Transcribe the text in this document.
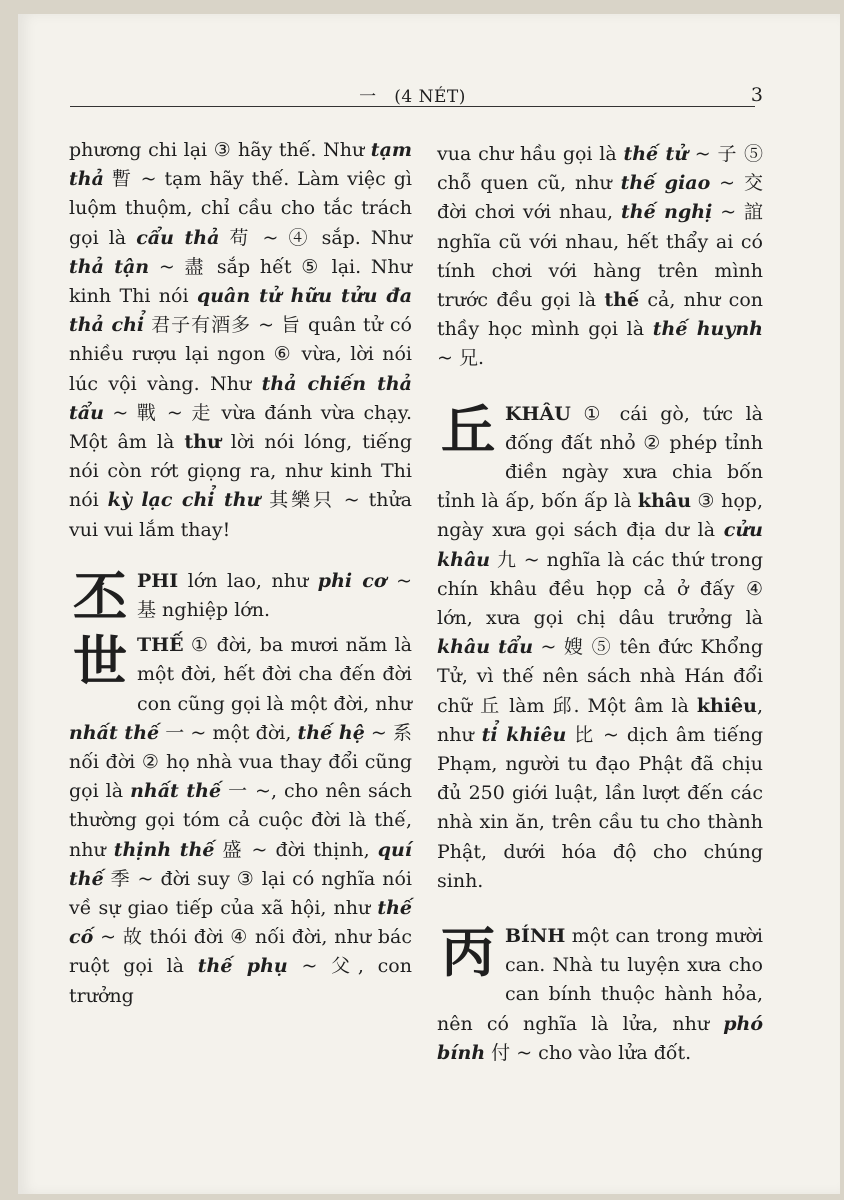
一 (4 NÉT)	3

phương chi lại ③ hãy thế. Như tạm thả 暫 ~ tạm hãy thế. Làm việc gì luộm thuộm, chỉ cầu cho tắc trách gọi là cẩu thả 苟 ~ ④ sắp. Như thả tận ~ 盡 sắp hết ⑤ lại. Như kinh Thi nói quân tử hữu tửu đa thả chỉ 君子有酒多 ~ 旨 quân tử có nhiều rượu lại ngon ⑥ vừa, lời nói lúc vội vàng. Như thả chiến thả tẩu ~ 戰 ~ 走 vừa đánh vừa chạy. Một âm là thư lời nói lóng, tiếng nói còn rớt giọng ra, như kinh Thi nói kỳ lạc chỉ thư 其樂只 ~ thửa vui vui lắm thay!

丕 PHI lớn lao, như phi cơ ~ 基 nghiệp lớn.

世 THẾ ① đời, ba mươi năm là một đời, hết đời cha đến đời con cũng gọi là một đời, như nhất thế 一 ~ một đời, thế hệ ~ 系 nối đời ② họ nhà vua thay đổi cũng gọi là nhất thế 一 ~, cho nên sách thường gọi tóm cả cuộc đời là thế, như thịnh thế 盛 ~ đời thịnh, quí thế 季 ~ đời suy ③ lại có nghĩa nói về sự giao tiếp của xã hội, như thế cố ~ 故 thói đời ④ nối đời, như bác ruột gọi là thế phụ ~ 父, con trưởng

vua chư hầu gọi là thế tử ~ 子 ⑤ chỗ quen cũ, như thế giao ~ 交 đời chơi với nhau, thế nghị ~ 誼 nghĩa cũ với nhau, hết thẩy ai có tính chơi với hàng trên mình trước đều gọi là thế cả, như con thầy học mình gọi là thế huynh ~ 兄.

丘 KHÂU ① cái gò, tức là đống đất nhỏ ② phép tỉnh điền ngày xưa chia bốn tỉnh là ấp, bốn ấp là khâu ③ họp, ngày xưa gọi sách địa dư là cửu khâu 九 ~ nghĩa là các thứ trong chín khâu đều họp cả ở đấy ④ lớn, xưa gọi chị dâu trưởng là khâu tẩu ~ 嫂 ⑤ tên đức Khổng Tử, vì thế nên sách nhà Hán đổi chữ 丘 làm 邱. Một âm là khiêu, như tỉ khiêu 比 ~ dịch âm tiếng Phạm, người tu đạo Phật đã chịu đủ 250 giới luật, lần lượt đến các nhà xin ăn, trên cầu tu cho thành Phật, dưới hóa độ cho chúng sinh.

丙 BÍNH một can trong mười can. Nhà tu luyện xưa cho can bính thuộc hành hỏa, nên có nghĩa là lửa, như phó bính 付 ~ cho vào lửa đốt.
